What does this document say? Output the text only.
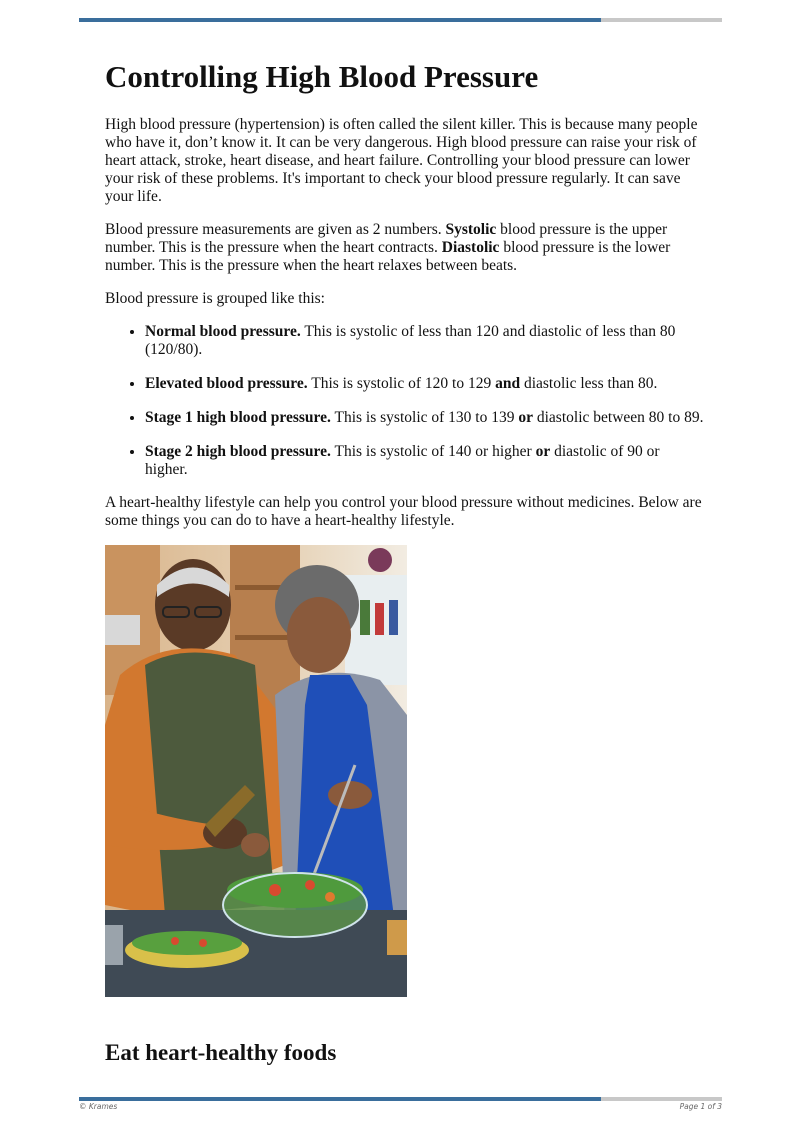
Controlling High Blood Pressure

High blood pressure (hypertension) is often called the silent killer. This is because many people who have it, don’t know it. It can be very dangerous. High blood pressure can raise your risk of heart attack, stroke, heart disease, and heart failure. Controlling your blood pressure can lower your risk of these problems. It's important to check your blood pressure regularly. It can save your life.

Blood pressure measurements are given as 2 numbers. Systolic blood pressure is the upper number. This is the pressure when the heart contracts. Diastolic blood pressure is the lower number. This is the pressure when the heart relaxes between beats.

Blood pressure is grouped like this:

• Normal blood pressure. This is systolic of less than 120 and diastolic of less than 80 (120/80).
• Elevated blood pressure. This is systolic of 120 to 129 and diastolic less than 80.
• Stage 1 high blood pressure. This is systolic of 130 to 139 or diastolic between 80 to 89.
• Stage 2 high blood pressure. This is systolic of 140 or higher or diastolic of 90 or higher.

A heart-healthy lifestyle can help you control your blood pressure without medicines. Below are some things you can do to have a heart-healthy lifestyle.

Eat heart-healthy foods
© Krames	Page 1 of 3
